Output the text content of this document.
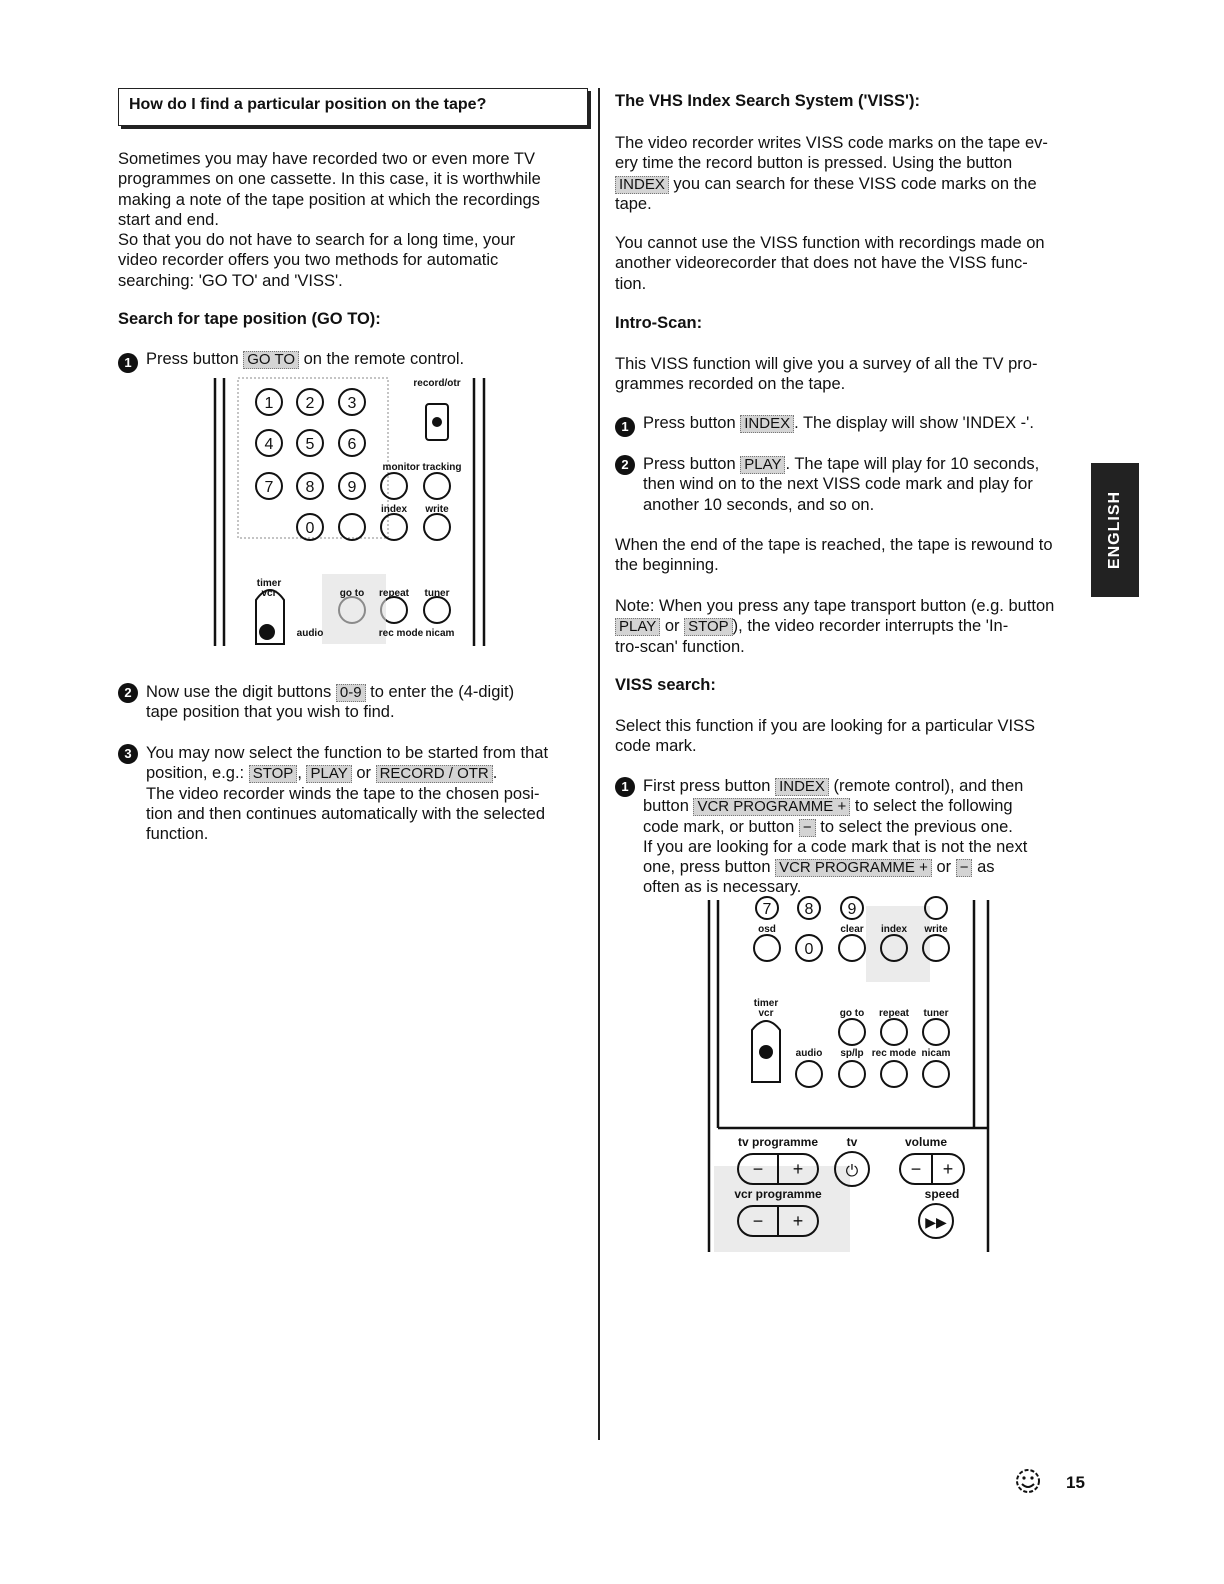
How do I find a particular position on the tape?

Sometimes you may have recorded two or even more TV

programmes on one cassette. In this case, it is worthwhile

making a note of the tape position at which the recordings

start and end.

So that you do not have to search for a long time, your

video recorder offers you two methods for automatic

searching: 'GO TO' and 'VISS'.

Search for tape position (GO TO):
1 Press button GO TO on the remote control.
1 2 3
4 5 6
7 8 9
0
record/otr
monitor tracking
index write
timer
vcr	go to repeat tuner
audio	rec mode nicam
2 Now use the digit buttons 0-9 to enter the (4-digit)
tape position that you wish to find.
3 You may now select the function to be started from that
position, e.g.: STOP , PLAY or RECORD / OTR .
The video recorder winds the tape to the chosen posi-
tion and then continues automatically with the selected
function.
The VHS Index Search System ('VISS'):
The video recorder writes VISS code marks on the tape ev-
ery time the record button is pressed. Using the button
INDEX you can search for these VISS code marks on the
tape.
You cannot use the VISS function with recordings made on
another videorecorder that does not have the VISS func-
tion.
Intro-Scan:
This VISS function will give you a survey of all the TV pro-
grammes recorded on the tape.
1 Press button INDEX . The display will show 'INDEX -'.
2 Press button PLAY . The tape will play for 10 seconds,
then wind on to the next VISS code mark and play for
another 10 seconds, and so on.
When the end of the tape is reached, the tape is rewound to
the beginning.
Note: When you press any tape transport button (e.g. button
PLAY or STOP ), the video recorder interrupts the 'In-
tro-scan' function.
VISS search:
Select this function if you are looking for a particular VISS
code mark.
1 First press button INDEX (remote control), and then
button VCR PROGRAMME + to select the following
code mark, or button − to select the previous one.
If you are looking for a code mark that is not the next
one, press button VCR PROGRAMME + or − as
often as is necessary.
7 8 9
0
− +	− +
− +
⏻
▶▶
osd	clear index write
timer
vcr	go to repeat tuner
audio sp/lp rec mode nicam
tv programme tv	volume
vcr programme	speed
ENGLISH
15
